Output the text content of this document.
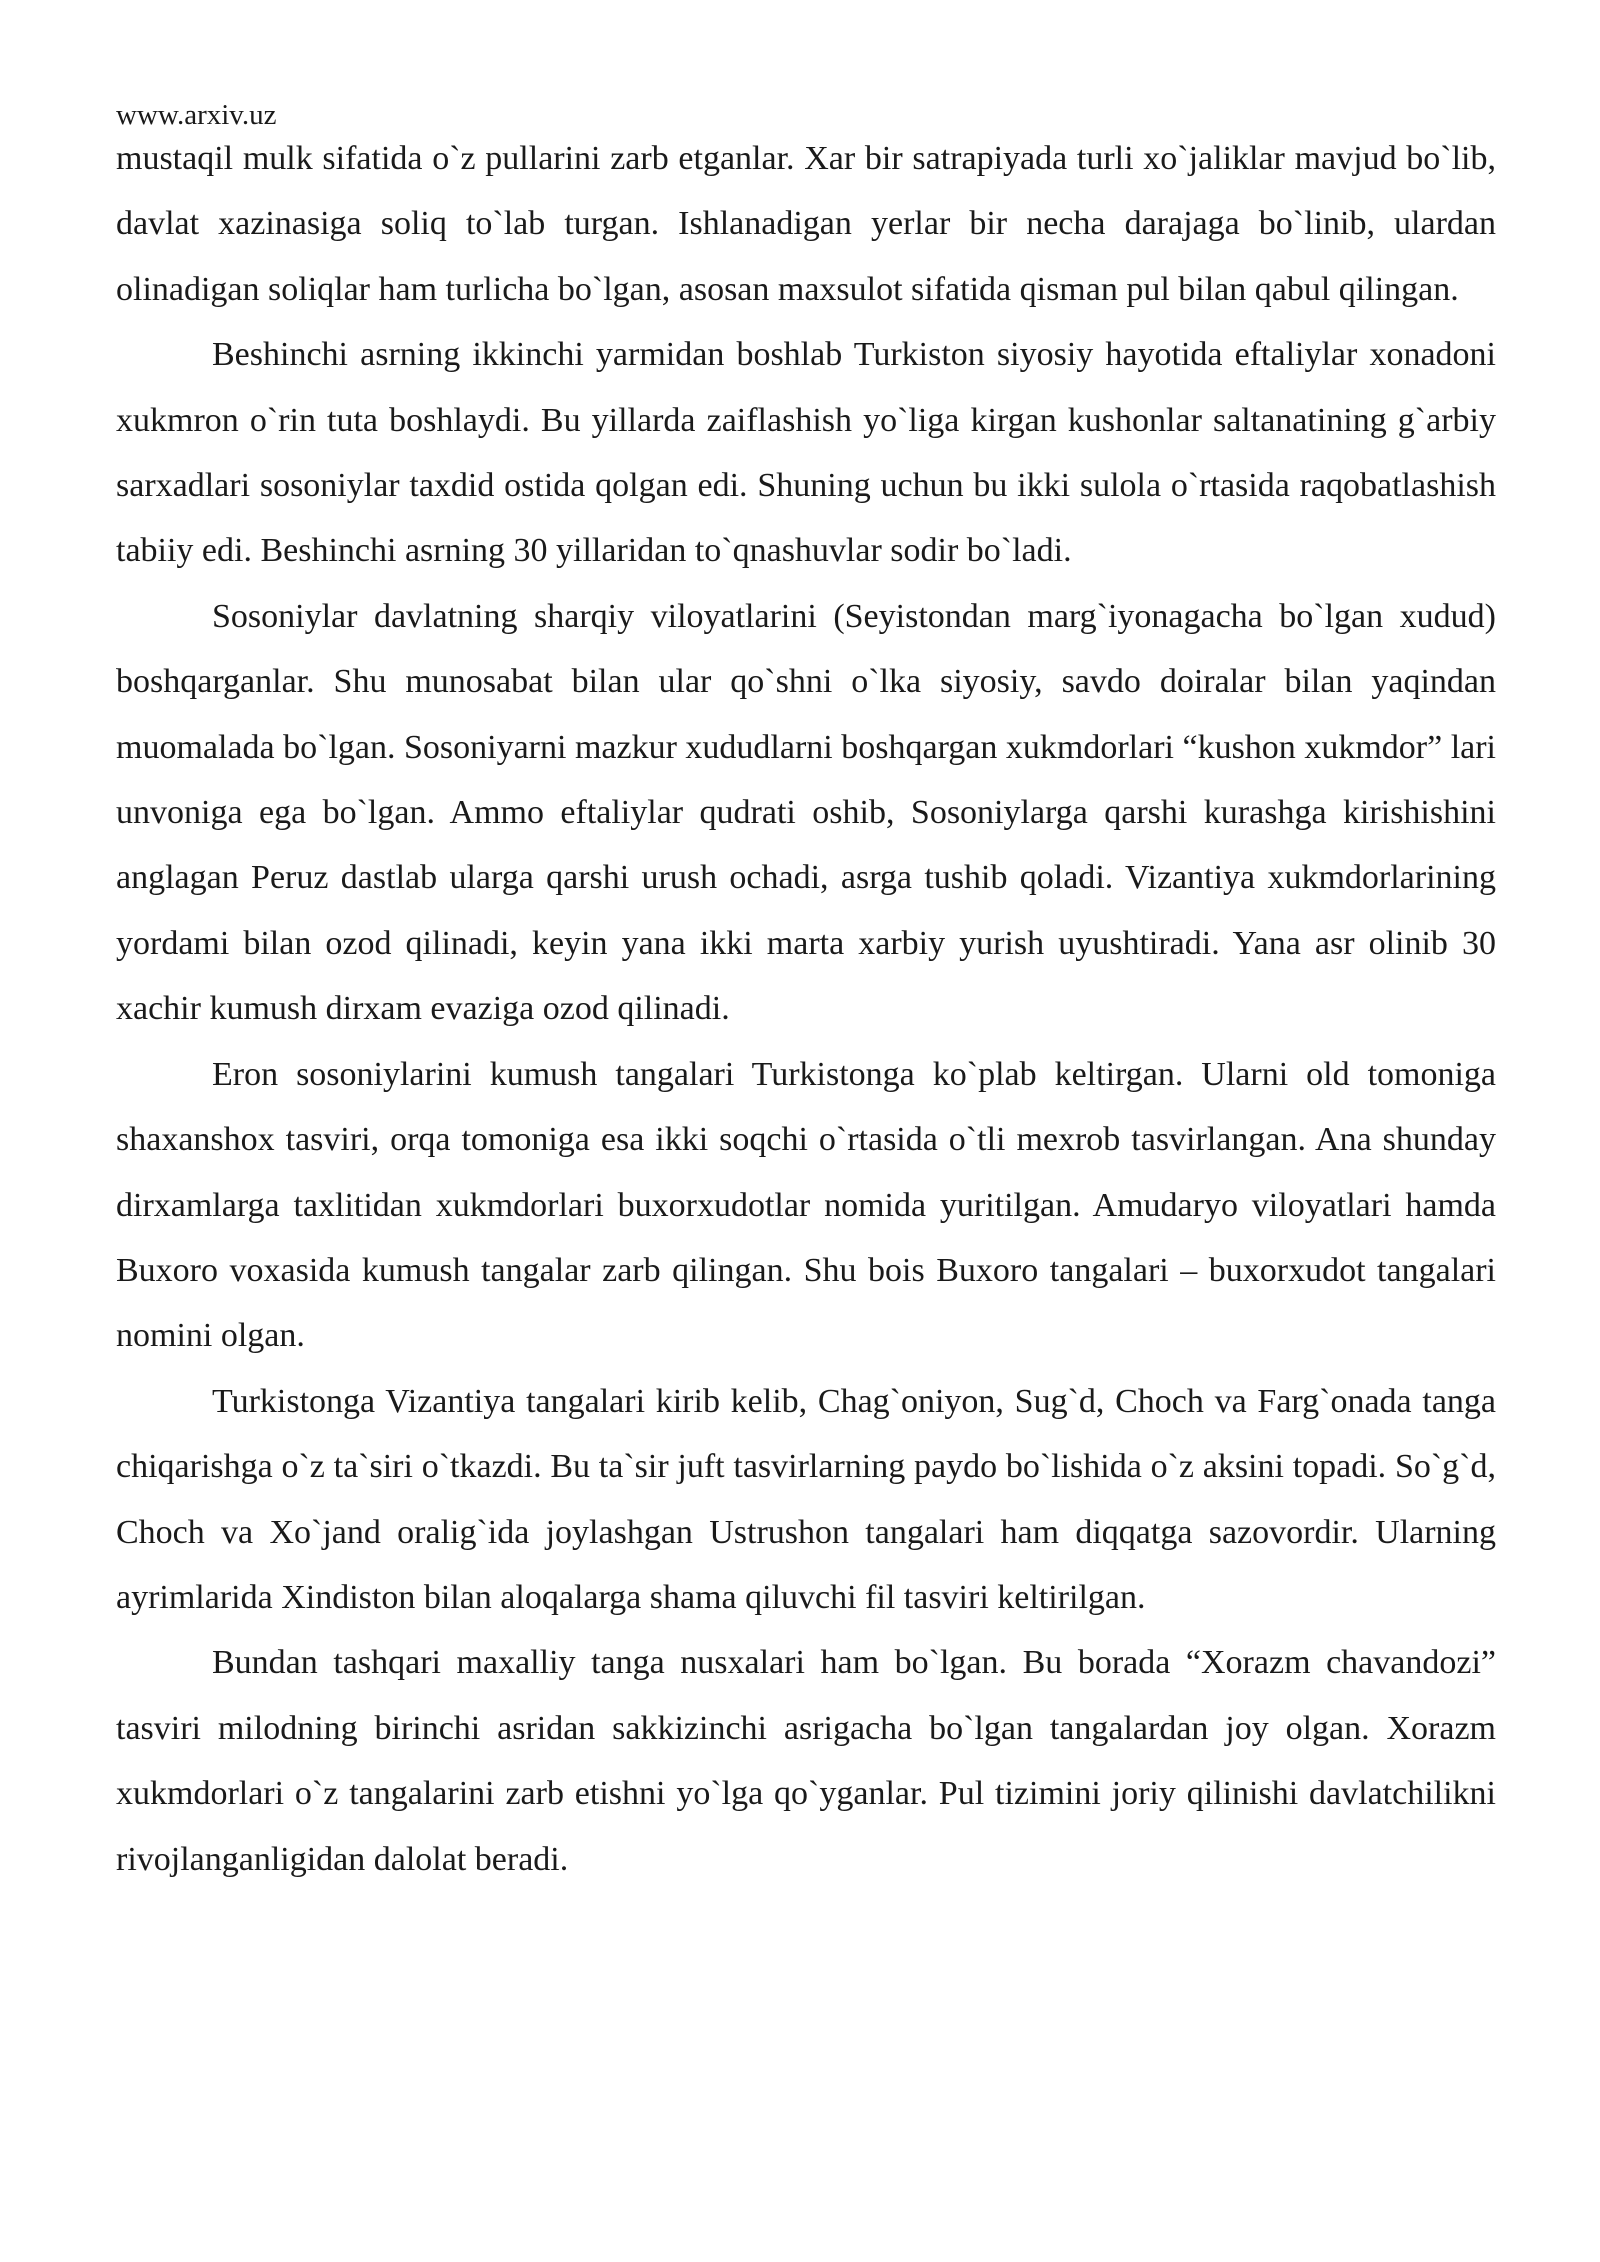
www.arxiv.uz

mustaqil mulk sifatida o`z pullarini zarb etganlar. Xar bir satrapiyada turli xo`jaliklar mavjud bo`lib, davlat xazinasiga soliq to`lab turgan. Ishlanadigan yerlar bir necha darajaga bo`linib, ulardan olinadigan soliqlar ham turlicha bo`lgan, asosan maxsulot sifatida qisman pul bilan qabul qilingan.

Beshinchi asrning ikkinchi yarmidan boshlab Turkiston siyosiy hayotida eftaliylar xonadoni xukmron o`rin tuta boshlaydi. Bu yillarda zaiflashish yo`liga kirgan kushonlar saltanatining g`arbiy sarxadlari sosoniylar taxdid ostida qolgan edi. Shuning uchun bu ikki sulola o`rtasida raqobatlashish tabiiy edi. Beshinchi asrning 30 yillaridan to`qnashuvlar sodir bo`ladi.

Sosoniylar davlatning sharqiy viloyatlarini (Seyistondan marg`iyonagacha bo`lgan xudud) boshqarganlar. Shu munosabat bilan ular qo`shni o`lka siyosiy, savdo doiralar bilan yaqindan muomalada bo`lgan. Sosoniyarni mazkur xududlarni boshqargan xukmdorlari “kushon xukmdor” lari unvoniga ega bo`lgan. Ammo eftaliylar qudrati oshib, Sosoniylarga qarshi kurashga kirishishini anglagan Peruz dastlab ularga qarshi urush ochadi, asrga tushib qoladi. Vizantiya xukmdorlarining yordami bilan ozod qilinadi, keyin yana ikki marta xarbiy yurish uyushtiradi. Yana asr olinib 30 xachir kumush dirxam evaziga ozod qilinadi.

Eron sosoniylarini kumush tangalari Turkistonga ko`plab keltirgan. Ularni old tomoniga shaxanshox tasviri, orqa tomoniga esa ikki soqchi o`rtasida o`tli mexrob tasvirlangan. Ana shunday dirxamlarga taxlitidan xukmdorlari buxorxudotlar nomida yuritilgan. Amudaryo viloyatlari hamda Buxoro voxasida kumush tangalar zarb qilingan. Shu bois Buxoro tangalari – buxorxudot tangalari nomini olgan.

Turkistonga Vizantiya tangalari kirib kelib, Chag`oniyon, Sug`d, Choch va Farg`onada tanga chiqarishga o`z ta`siri o`tkazdi. Bu ta`sir juft tasvirlarning paydo bo`lishida o`z aksini topadi. So`g`d, Choch va Xo`jand oralig`ida joylashgan Ustrushon tangalari ham diqqatga sazovordir. Ularning ayrimlarida Xindiston bilan aloqalarga shama qiluvchi fil tasviri keltirilgan.

Bundan tashqari maxalliy tanga nusxalari ham bo`lgan. Bu borada “Xorazm chavandozi” tasviri milodning birinchi asridan sakkizinchi asrigacha bo`lgan tangalardan joy olgan. Xorazm xukmdorlari o`z tangalarini zarb etishni yo`lga qo`yganlar. Pul tizimini joriy qilinishi davlatchilikni rivojlanganligidan dalolat beradi.
